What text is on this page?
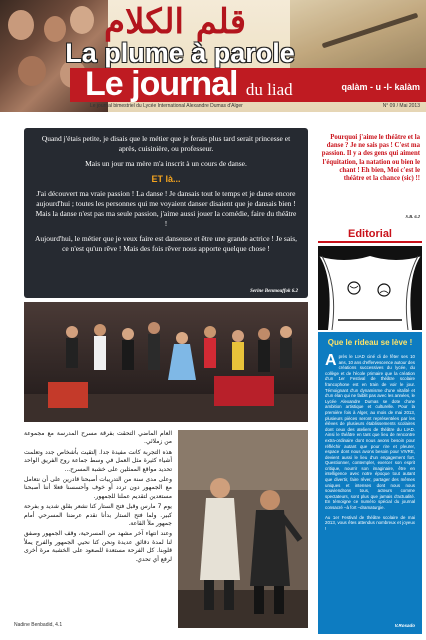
قلم الكلام
La plume à parole
Le journal du liad	qalàm - u -l- kalàm
Le journal bimestriel du Lycée International Alexandre Dumas d'Alger	N° 09 / Mai 2013

Quand j'étais petite, je disais que le métier que je ferais plus tard serait princesse et après, cuisinière, ou professeur.

Mais un jour ma mère m'a inscrit à un cours de danse.

ET là...

J'ai découvert ma vraie passion ! La danse ! Je dansais tout le temps et je danse encore aujourd'hui ; toutes les personnes qui me voyaient danser disaient que je dansais bien ! Mais la danse n'est pas ma seule passion, j'aime aussi jouer la comédie, faire du théâtre !

Aujourd'hui, le métier que je veux faire est danseuse et être une grande actrice ! Je sais, ce n'est qu'un rêve ! Mais des fois rêver nous apporte quelque chose !

Serine Benmouffok 6.2
Pourquoi j'aime le théâtre et la danse ? Je ne sais pas ! C'est ma passion. Il y a des gens qui aiment l'équitation, la natation ou bien le chant ! Eh bien, Moi c'est le théâtre et la chance (sic) !!
S.B. 6.2
Editorial
Que le rideau se lève !

Après le LIAD ciné di de fêter ses 10 ans, 10 ans d'effervescence autour des créations successives du lycée, du collège et de l'école primaire que la création d'un 1er Festival de théâtre scolaire francophone est en train de voir le jour. Témoignant d'un dynamisme d'une vitalité et d'un élan qui ne faiblit pas avec les années, le Lycée Alexandre Dumas se dote d'une ambition artistique et culturelle. Pour la première fois à Alger, au mois de mai 2013, plusieurs pièces seront représentées par les élèves de plusieurs établissements scolaires dont ceux des ateliers de théâtre du LIAD. Ainsi le théâtre en tant que lieu de rencontre extra-ordinaire dont nous avons besoin pour réfléchir autant que pour rire et pleurer, espace dont nous avons besoin pour VIVRE, devient aussi le lieu d'un engagement fort. Questionner, contempler, exercer son esprit critique, nourrir son imaginaire, être en intelligence avec notre époque tout autant que divertir, faire rêver, partager des mêmes uniques et intenses dont nous nous souviendrons tous, acteurs comme spectateurs, sont plus que jamais d'actualité. En témoigne ce numéro spécial du journal consacré –à fort –dramaturgie.

Au 1er Festival de théâtre scolaire de mai 2013, vous êtes attendus nombreux et joyeux !

V.Rosado

العام الماضي التحقت بفرقة مسرح المدرسة مع مجموعة من زملائي.

هذه التجربة كانت مفيدة جدا. إلتقيت بأشخاص جدد وتعلمت أشياء كثيرة مثل العمل في وسط جماعة روح الفريق الواحد تحديد مواقع الممثلين على خشبة المسرح...

وعلى مدى سنة من التدريبات أصبحنا قادرين على أن نتعامل مع الجمهور دون تردد أو خوف وأحسسنا فعلا أننا أصبحنا مستعدين لتقديم عملنا للجمهور.

يوم 7 مارس وقبل فتح الستار كنا نشعر بقلق شديد و بفرحة كبير. ولما فتح الستار بدأنا نقدم عرضنا المسرحي أمام جمهور ملأ القاعة.

وعند انتهاء آخر مشهد من المسرحية، وقف الجمهور وصفق لنا لمدة دقائق عديدة ونحن كنا نحيي الجمهور والفرح يملأ قلوبنا. كل الفرحة مستعدة للصعود على الخشبة مرة أخرى لرفع أي تحدي.

Nadine Benbadid, 4.1
